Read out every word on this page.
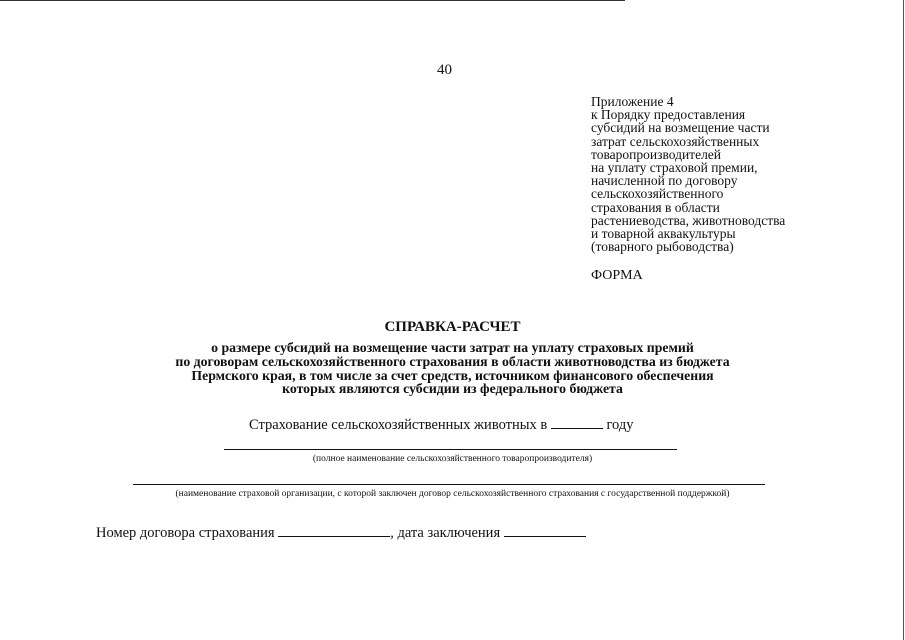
40
Приложение 4
к Порядку предоставления
субсидий на возмещение части
затрат сельскохозяйственных
товаропроизводителей
на уплату страховой премии,
начисленной по договору
сельскохозяйственного
страхования в области
растениеводства, животноводства
и товарной аквакультуры
(товарного рыбоводства)
ФОРМА
СПРАВКА-РАСЧЕТ
о размере субсидий на возмещение части затрат на уплату страховых премий
по договорам сельскохозяйственного страхования в области животноводства из бюджета
Пермского края, в том числе за счет средств, источником финансового обеспечения
которых являются субсидии из федерального бюджета
Страхование сельскохозяйственных животных в	году
(полное наименование сельскохозяйственного товаропроизводителя)
(наименование страховой организации, с которой заключен договор сельскохозяйственного страхования с государственной поддержкой)
Номер договора страхования	, дата заключения
